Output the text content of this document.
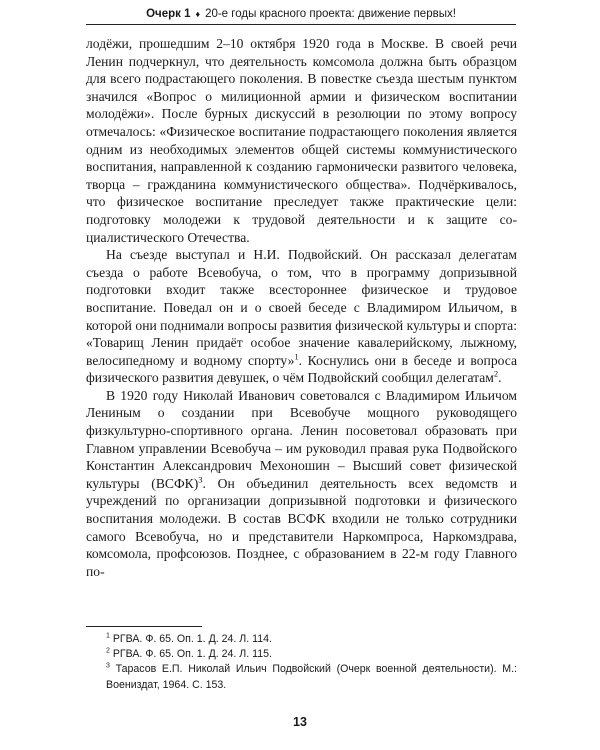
Очерк 1 ♦ 20-е годы красного проекта: движение первых!

лодёжи, прошедшим 2–10 октября 1920 года в Москве. В своей речи Ленин подчеркнул, что деятельность комсомола должна быть образцом для всего подрастающего поколения. В повестке съезда шестым пунктом значился «Вопрос о милиционной армии и физическом воспитании молодёжи». После бурных дискуссий в резолюции по этому вопросу отмечалось: «Физическое воспитание подрастающего поколения является одним из необходимых элементов общей системы коммунистического воспитания, направленной к созданию гармонически развитого человека, творца – гражданина коммунистического общества». Подчёркивалось, что физическое воспитание преследует также практические цели: подготовку молодежи к трудовой деятельности и к защите социалистического Отечества.

На съезде выступал и Н.И. Подвойский. Он рассказал делегатам съезда о работе Всевобуча, о том, что в программу допризывной подготовки входит также всестороннее физическое и трудовое воспитание. Поведал он и о своей беседе с Владимиром Ильичом, в которой они поднимали вопросы развития физической культуры и спорта: «Товарищ Ленин придаёт особое значение кавалерийскому, лыжному, велосипедному и водному спорту»$^1$. Коснулись они в беседе и вопроса физического развития девушек, о чём Подвойский сообщил делегатам$^2$.

В 1920 году Николай Иванович советовался с Владимиром Ильичом Лениным о создании при Всевобуче мощного руководящего физкультурно-спортивного органа. Ленин посоветовал образовать при Главном управлении Всевобуча – им руководил правая рука Подвойского Константин Александрович Мехоношин – Высший совет физической культуры (ВСФК)$^3$. Он объединил деятельность всех ведомств и учреждений по организации допризывной подготовки и физического воспитания молодежи. В состав ВСФК входили не только сотрудники самого Всевобуча, но и представители Наркомпроса, Наркомздрава, комсомола, профсоюзов. Позднее, с образованием в 22-м году Главного по-

$^1$ РГВА. Ф. 65. Оп. 1. Д. 24. Л. 114.

$^2$ РГВА. Ф. 65. Оп. 1. Д. 24. Л. 115.

$^3$ Тарасов Е.П. Николай Ильич Подвойский (Очерк военной деятельности). М.: Воениздат, 1964. С. 153.

13
